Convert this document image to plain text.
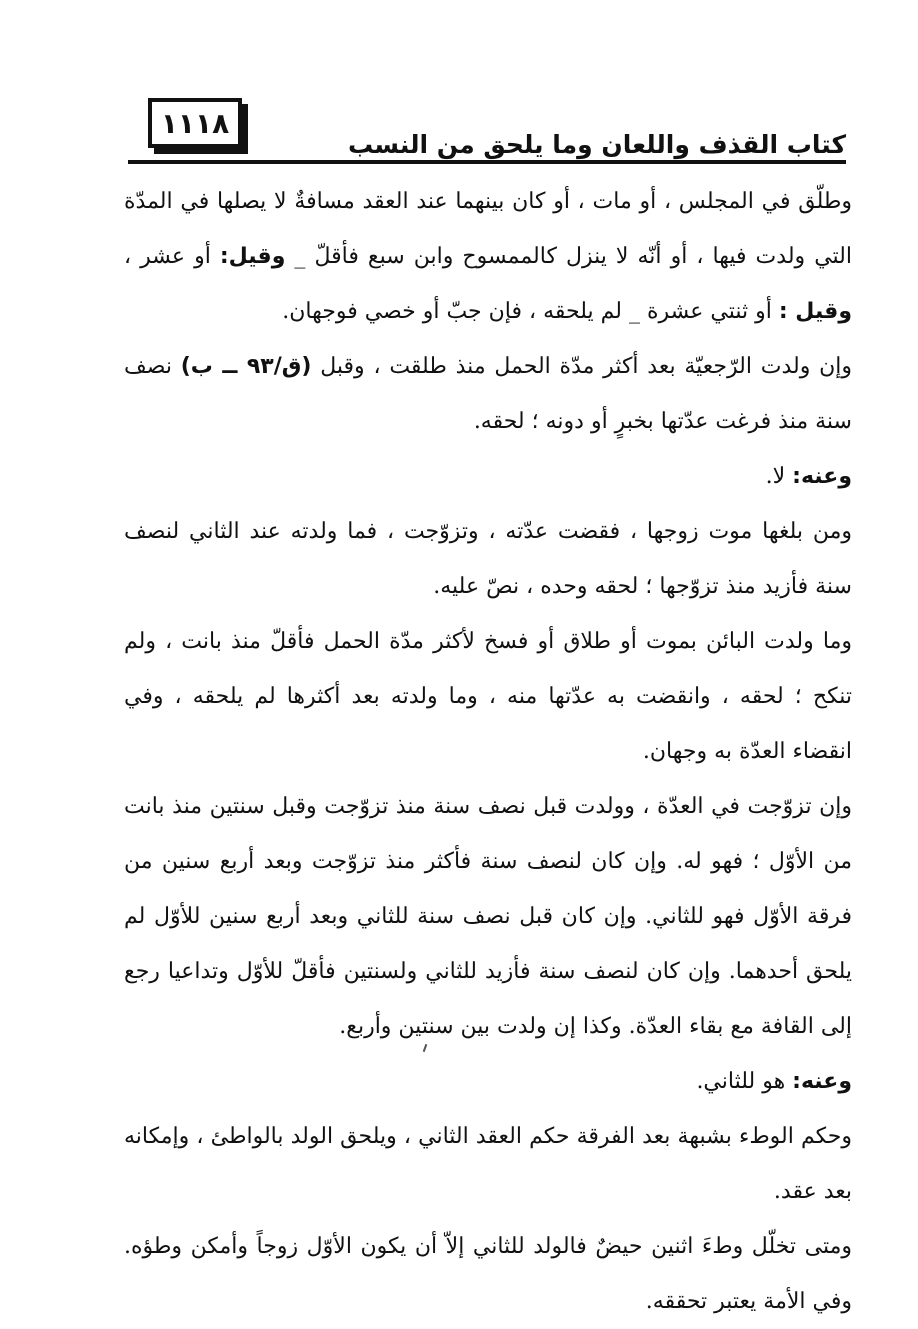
١١١٨
كتاب القذف واللعان وما يلحق من النسب

وطلّق في المجلس ، أو مات ، أو كان بينهما عند العقد مسافةٌ لا يصلها في المدّة التي ولدت فيها ، أو أنّه لا ينزل كالممسوح وابن سبع فأقلّ _ وقيل: أو عشر ، وقيل : أو ثنتي عشرة _ لم يلحقه ، فإن جبّ أو خصي فوجهان.

وإن ولدت الرّجعيّة بعد أكثر مدّة الحمل منذ طلقت ، وقبل (ق/٩٣ ــ ب) نصف سنة منذ فرغت عدّتها بخبرٍ أو دونه ؛ لحقه.

وعنه: لا.

ومن بلغها موت زوجها ، فقضت عدّته ، وتزوّجت ، فما ولدته عند الثاني لنصف سنة فأزيد منذ تزوّجها ؛ لحقه وحده ، نصّ عليه.

وما ولدت البائن بموت أو طلاق أو فسخ لأكثر مدّة الحمل فأقلّ منذ بانت ، ولم تنكح ؛ لحقه ، وانقضت به عدّتها منه ، وما ولدته بعد أكثرها لم يلحقه ، وفي انقضاء العدّة به وجهان.

وإن تزوّجت في العدّة ، وولدت قبل نصف سنة منذ تزوّجت وقبل سنتين منذ بانت من الأوّل ؛ فهو له. وإن كان لنصف سنة فأكثر منذ تزوّجت وبعد أربع سنين من فرقة الأوّل فهو للثاني. وإن كان قبل نصف سنة للثاني وبعد أربع سنين للأوّل لم يلحق أحدهما. وإن كان لنصف سنة فأزيد للثاني ولسنتين فأقلّ للأوّل وتداعيا رجع إلى القافة مع بقاء العدّة. وكذا إن ولدت بين سنتين وأربع.

وعنه: هو للثاني.

وحكم الوطء بشبهة بعد الفرقة حكم العقد الثاني ، ويلحق الولد بالواطئ ، وإمكانه بعد عقد.

ومتى تخلّل وطءَ اثنين حيضٌ فالولد للثاني إلاّ أن يكون الأوّل زوجاً وأمكن وطؤه. وفي الأمة يعتبر تحققه.
